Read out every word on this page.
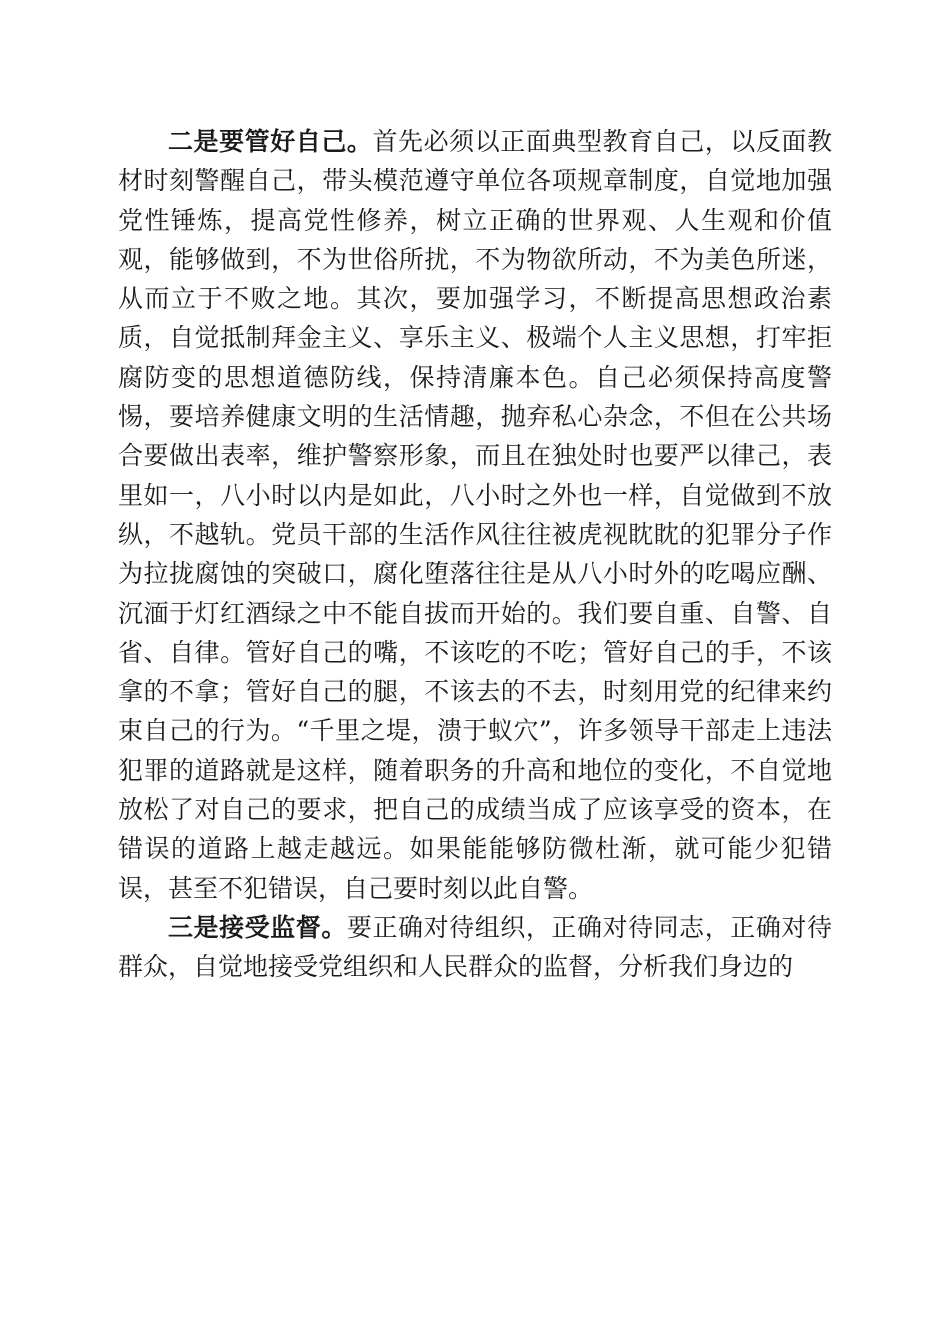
二是要管好自己。首先必须以正面典型教育自己，以反面教材时刻警醒自己，带头模范遵守单位各项规章制度，自觉地加强党性锤炼，提高党性修养，树立正确的世界观、人生观和价值观，能够做到，不为世俗所扰，不为物欲所动，不为美色所迷，从而立于不败之地。其次，要加强学习，不断提高思想政治素质，自觉抵制拜金主义、享乐主义、极端个人主义思想，打牢拒腐防变的思想道德防线，保持清廉本色。自己必须保持高度警惕，要培养健康文明的生活情趣，抛弃私心杂念，不但在公共场合要做出表率，维护警察形象，而且在独处时也要严以律己，表里如一，八小时以内是如此，八小时之外也一样，自觉做到不放纵，不越轨。党员干部的生活作风往往被虎视眈眈的犯罪分子作为拉拢腐蚀的突破口，腐化堕落往往是从八小时外的吃喝应酬、沉湎于灯红酒绿之中不能自拔而开始的。我们要自重、自警、自省、自律。管好自己的嘴，不该吃的不吃；管好自己的手，不该拿的不拿；管好自己的腿，不该去的不去，时刻用党的纪律来约束自己的行为。“千里之堤，溃于蚁穴”，许多领导干部走上违法犯罪的道路就是这样，随着职务的升高和地位的变化，不自觉地放松了对自己的要求，把自己的成绩当成了应该享受的资本，在错误的道路上越走越远。如果能能够防微杜渐，就可能少犯错误，甚至不犯错误，自己要时刻以此自警。

三是接受监督。要正确对待组织，正确对待同志，正确对待群众，自觉地接受党组织和人民群众的监督，分析我们身边的
